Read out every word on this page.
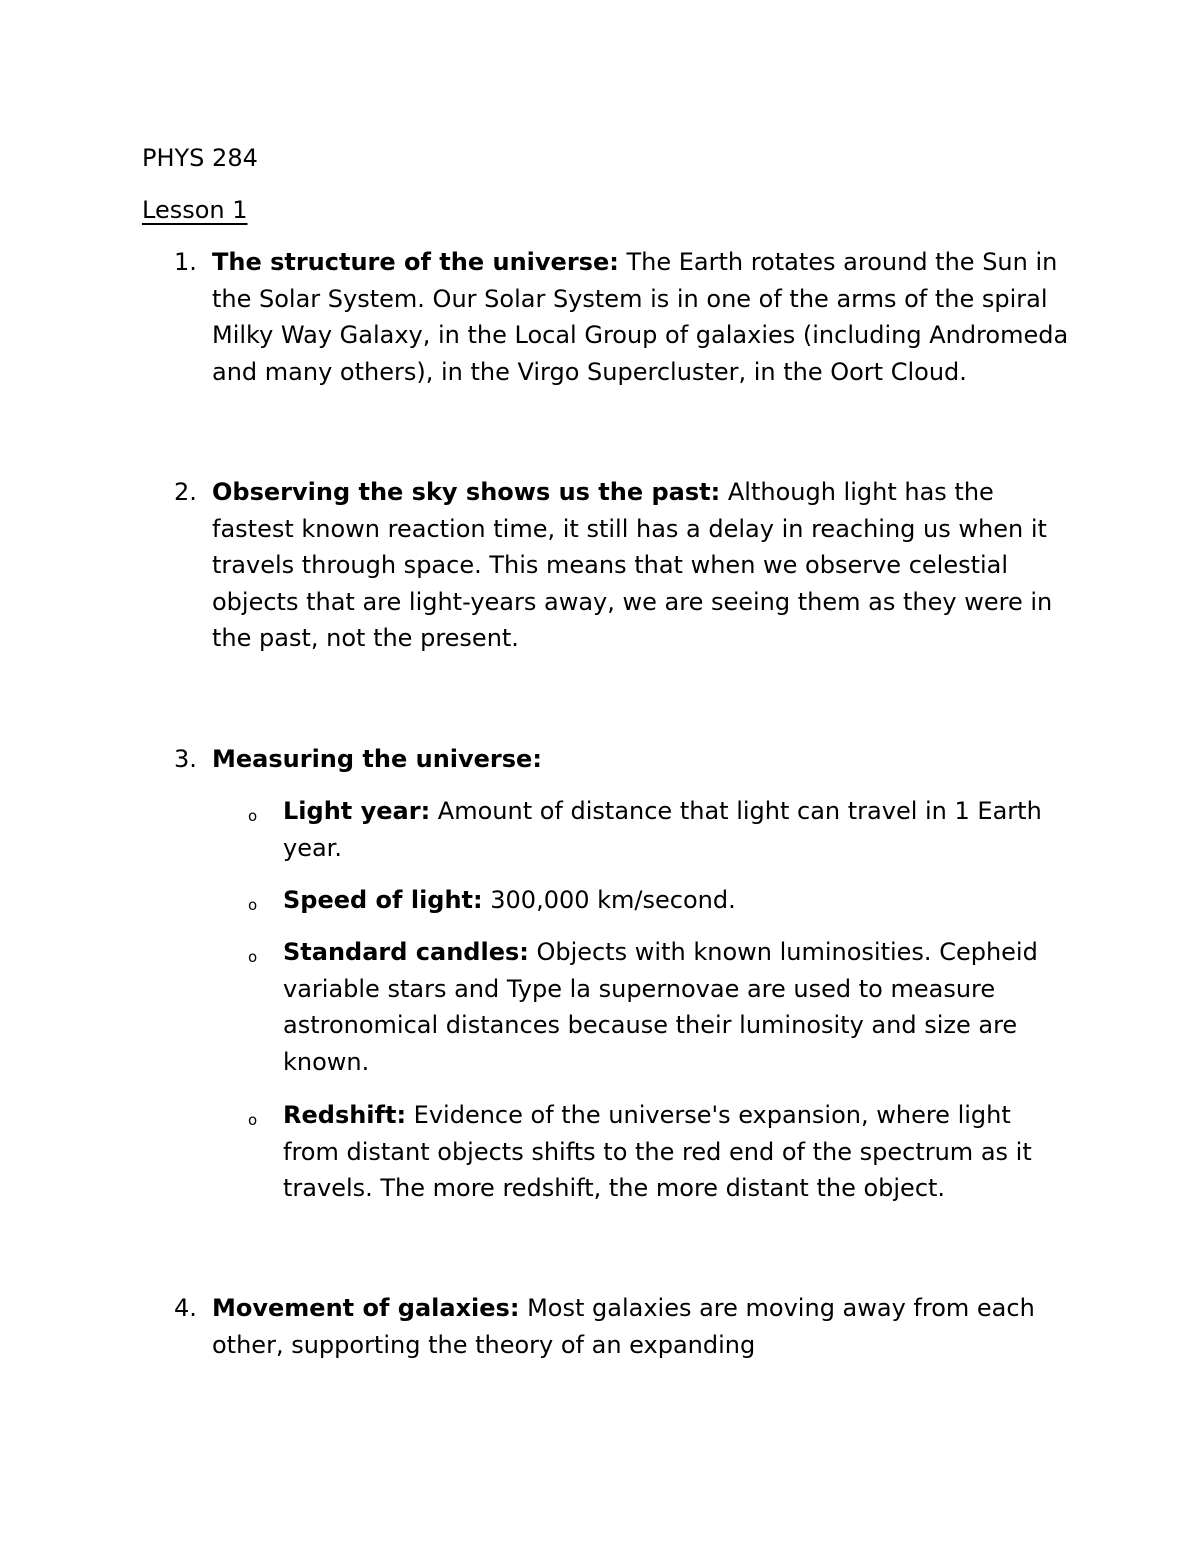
PHYS 284

Lesson 1

1. The structure of the universe: The Earth rotates around the Sun in the Solar System. Our Solar System is in one of the arms of the spiral Milky Way Galaxy, in the Local Group of galaxies (including Andromeda and many others), in the Virgo Supercluster, in the Oort Cloud.

2. Observing the sky shows us the past: Although light has the fastest known reaction time, it still has a delay in reaching us when it travels through space. This means that when we observe celestial objects that are light-years away, we are seeing them as they were in the past, not the present.

3. Measuring the universe:

o Light year: Amount of distance that light can travel in 1 Earth year.

o Speed of light: 300,000 km/second.

o Standard candles: Objects with known luminosities. Cepheid variable stars and Type la supernovae are used to measure astronomical distances because their luminosity and size are known.

o Redshift: Evidence of the universe's expansion, where light from distant objects shifts to the red end of the spectrum as it travels. The more redshift, the more distant the object.

4. Movement of galaxies: Most galaxies are moving away from each other, supporting the theory of an expanding
